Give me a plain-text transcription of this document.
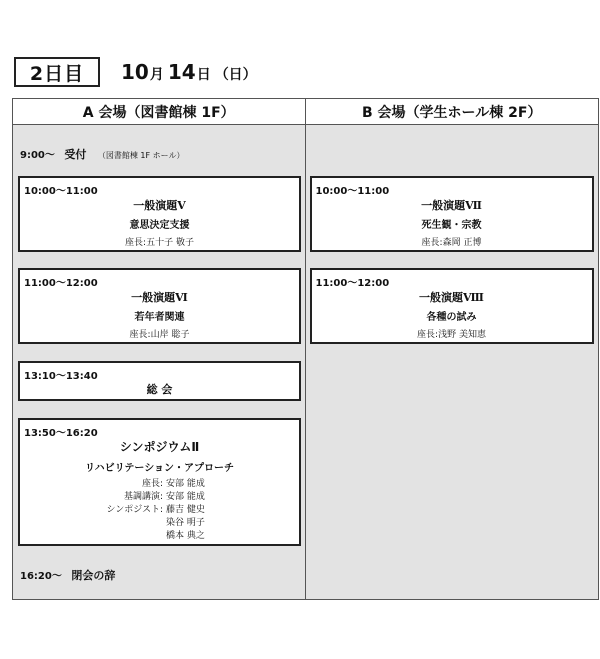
2日目	10 月 14 日 （日）
A 会場（図書館棟 1F）
9:00～ 受付 （図書館棟 1F ホール）
10:00～11:00
一般演題Ⅴ
意思決定支援
座長:五十子 敬子
11:00～12:00
一般演題Ⅵ
若年者関連
座長:山岸 聡子
13:10～13:40
総 会
13:50～16:20
シンポジウムⅡ
リハビリテーション・アプローチ
座長: 安部 能成
基調講演: 安部 能成
シンポジスト: 藤吉 健史
染谷 明子
橋本 典之
16:20～ 閉会の辞
B 会場（学生ホール棟 2F）
10:00～11:00
一般演題Ⅶ
死生観・宗教
座長:森岡 正博
11:00～12:00
一般演題Ⅷ
各種の試み
座長:浅野 美知恵
